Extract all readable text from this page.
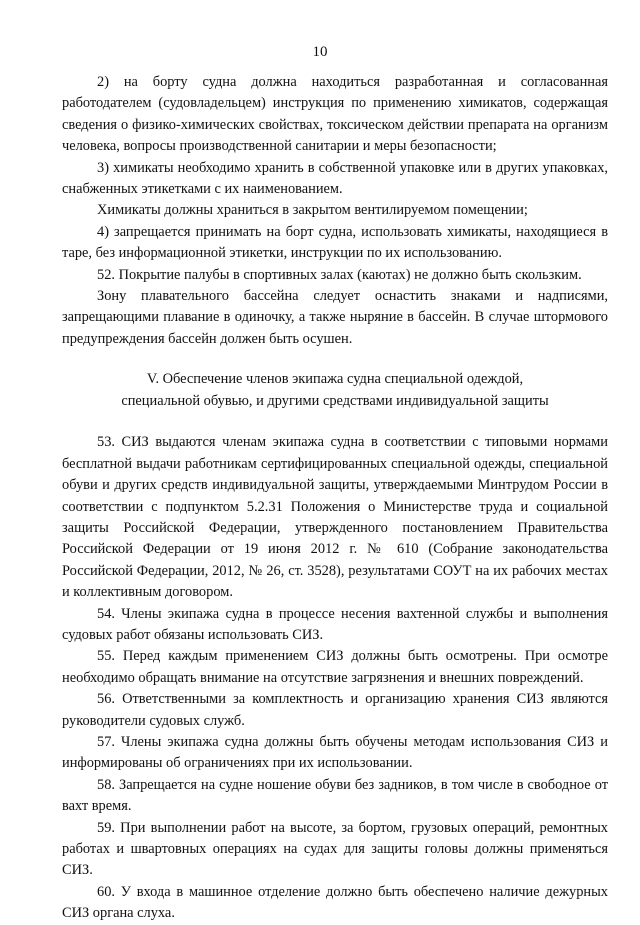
10

2) на борту судна должна находиться разработанная и согласованная работодателем (судовладельцем) инструкция по применению химикатов, содержащая сведения о физико-химических свойствах, токсическом действии препарата на организм человека, вопросы производственной санитарии и меры безопасности;

3) химикаты необходимо хранить в собственной упаковке или в других упаковках, снабженных этикетками с их наименованием.

Химикаты должны храниться в закрытом вентилируемом помещении;

4) запрещается принимать на борт судна, использовать химикаты, находящиеся в таре, без информационной этикетки, инструкции по их использованию.

52. Покрытие палубы в спортивных залах (каютах) не должно быть скользким.

Зону плавательного бассейна следует оснастить знаками и надписями, запрещающими плавание в одиночку, а также ныряние в бассейн. В случае штормового предупреждения бассейн должен быть осушен.

V. Обеспечение членов экипажа судна специальной одеждой,
специальной обувью, и другими средствами индивидуальной защиты

53. СИЗ выдаются членам экипажа судна в соответствии с типовыми нормами бесплатной выдачи работникам сертифицированных специальной одежды, специальной обуви и других средств индивидуальной защиты, утверждаемыми Минтрудом России в соответствии с подпунктом 5.2.31 Положения о Министерстве труда и социальной защиты Российской Федерации, утвержденного постановлением Правительства Российской Федерации от 19 июня 2012 г. № 610 (Собрание законодательства Российской Федерации, 2012, № 26, ст. 3528), результатами СОУТ на их рабочих местах и коллективным договором.

54. Члены экипажа судна в процессе несения вахтенной службы и выполнения судовых работ обязаны использовать СИЗ.

55. Перед каждым применением СИЗ должны быть осмотрены. При осмотре необходимо обращать внимание на отсутствие загрязнения и внешних повреждений.

56. Ответственными за комплектность и организацию хранения СИЗ являются руководители судовых служб.

57. Члены экипажа судна должны быть обучены методам использования СИЗ и информированы об ограничениях при их использовании.

58. Запрещается на судне ношение обуви без задников, в том числе в свободное от вахт время.

59. При выполнении работ на высоте, за бортом, грузовых операций, ремонтных работах и швартовных операциях на судах для защиты головы должны применяться СИЗ.

60. У входа в машинное отделение должно быть обеспечено наличие дежурных СИЗ органа слуха.
